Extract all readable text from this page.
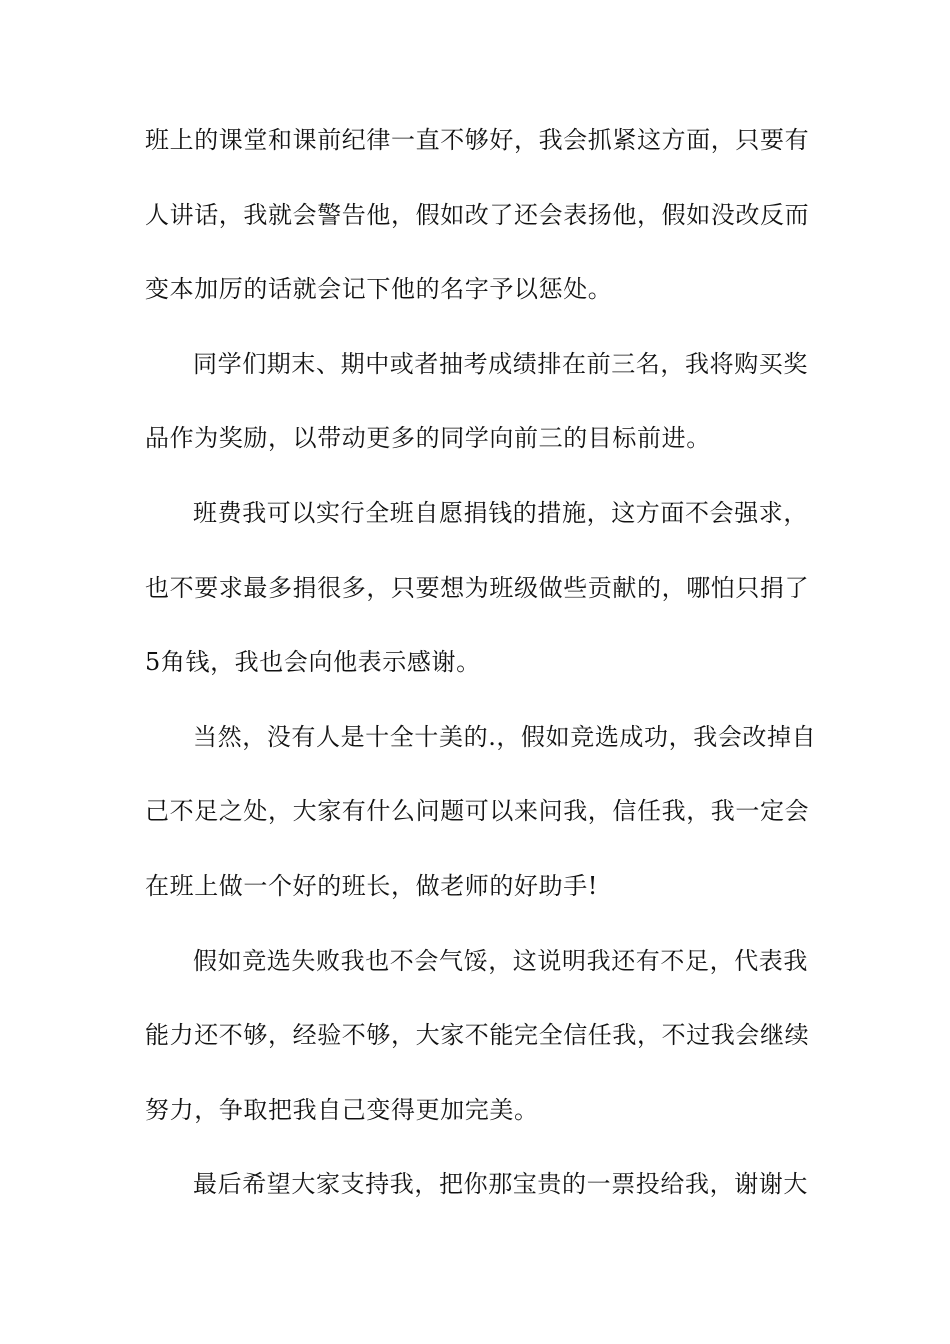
班上的课堂和课前纪律一直不够好，我会抓紧这方面，只要有
人讲话，我就会警告他，假如改了还会表扬他，假如没改反而
变本加厉的话就会记下他的名字予以惩处。
同学们期末、期中或者抽考成绩排在前三名，我将购买奖
品作为奖励，以带动更多的同学向前三的目标前进。
班费我可以实行全班自愿捐钱的措施，这方面不会强求，
也不要求最多捐很多，只要想为班级做些贡献的，哪怕只捐了
5角钱，我也会向他表示感谢。
当然，没有人是十全十美的.，假如竞选成功，我会改掉自
己不足之处，大家有什么问题可以来问我，信任我，我一定会
在班上做一个好的班长，做老师的好助手!
假如竞选失败我也不会气馁，这说明我还有不足，代表我
能力还不够，经验不够，大家不能完全信任我，不过我会继续
努力，争取把我自己变得更加完美。
最后希望大家支持我，把你那宝贵的一票投给我，谢谢大
